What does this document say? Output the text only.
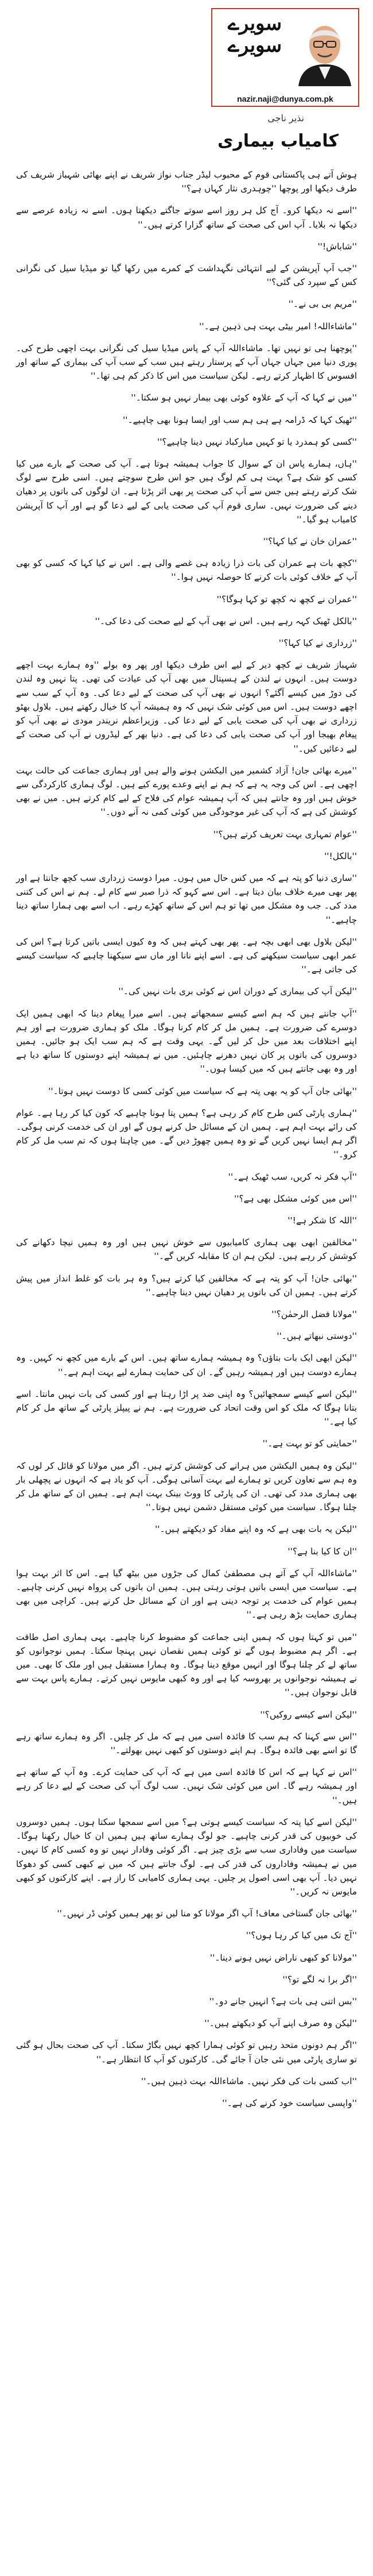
سویرے سویرے
nazir.naji@dunya.com.pk
نذیر ناجی
کامیاب بیماری

ہوش آتے ہی پاکستانی قوم کے محبوب لیڈر جناب نواز شریف نے اپنے بھائی شہباز شریف کی طرف دیکھا اور پوچھا ''چوہدری نثار کہاں ہے؟''

''اسے نہ دیکھا کرو۔ آج کل ہر روز اسے سوتے جاگتے دیکھتا ہوں۔ اسے نہ زیادہ عرصے سے دیکھا نہ بلایا۔ آپ اس کی صحت کے ساتھ گزارا کرتے ہیں۔''

''شاباش!''

''جب آپ آپریشن کے لیے انتہائی نگہداشت کے کمرے میں رکھا گیا تو میڈیا سیل کی نگرانی کس کے سپرد کی گئی؟''

''مریم بی بی نے۔''

''ماشاءاللہ! امیر بیٹی بہت ہی ذہین ہے۔''

''پوچھنا ہی تو نہیں تھا۔ ماشاءاللہ آپ کے پاس میڈیا سیل کی نگرانی بہت اچھی طرح کی۔ پوری دنیا میں جہاں جہاں آپ کے پرستار رہتے ہیں سب کے سب آپ کی بیماری کے ساتھ اور افسوس کا اظہار کرتے رہے۔ لیکن سیاست میں اس کا ذکر کم ہی تھا۔''

''میں نے کہا کہ آپ کے علاوہ کوئی بھی بیمار نہیں ہو سکتا۔''

''ٹھیک کہا کہ ڈرامہ ہے ہی ہم سب اور ایسا ہونا بھی چاہیے۔''

''کسی کو ہمدرد یا تو کہیں مبارکباد نہیں دینا چاہیے؟''

''ہاں، ہمارے پاس ان کے سوال کا جواب ہمیشہ ہوتا ہے۔ آپ کی صحت کے بارے میں کیا کسی کو شک ہے؟ بہت ہی کم لوگ ہیں جو اس طرح سوچتے ہیں۔ اسی طرح سے لوگ شک کرتے رہتے ہیں جس سے آپ کی صحت پر بھی اثر پڑتا ہے۔ ان لوگوں کی باتوں پر دھیان دینے کی ضرورت نہیں۔ ساری قوم آپ کی صحت یابی کے لیے دعا گو ہے اور آپ کا آپریشن کامیاب ہو گیا۔''

''عمران خان نے کیا کہا؟''

''کچھ بات ہے عمران کی بات ذرا زیادہ ہی غصے والی ہے۔ اس نے کیا کہا کہ کسی کو بھی آپ کے خلاف کوئی بات کرنے کا حوصلہ نہیں ہوا۔''

''عمران نے کچھ نہ کچھ تو کہا ہوگا؟''

''بالکل ٹھیک کہہ رہے ہیں۔ اس نے بھی آپ کے لیے صحت کی دعا کی۔''

''زرداری نے کیا کہا؟''

شہباز شریف نے کچھ دیر کے لیے اس طرف دیکھا اور پھر وہ بولے ''وہ ہمارے بہت اچھے دوست ہیں۔ انہوں نے لندن کے ہسپتال میں بھی آپ کی عیادت کی تھی۔ پتا نہیں وہ لندن کی دوڑ میں کیسے آگئے؟ انہوں نے بھی آپ کی صحت کے لیے دعا کی۔ وہ آپ کے سب سے اچھے دوست ہیں۔ اس میں کوئی شک نہیں کہ وہ ہمیشہ آپ کا خیال رکھتے ہیں۔ بلاول بھٹو زرداری نے بھی آپ کی صحت یابی کے لیے دعا کی۔ وزیراعظم نریندر مودی نے بھی آپ کو پیغام بھیجا اور آپ کی صحت یابی کی دعا کی ہے۔ دنیا بھر کے لیڈروں نے آپ کی صحت کے لیے دعائیں کیں۔''

''میرے بھائی جان! آزاد کشمیر میں الیکشن ہونے والے ہیں اور ہماری جماعت کی حالت بہت اچھی ہے۔ اس کی وجہ یہ ہے کہ ہم نے اپنے وعدے پورے کیے ہیں۔ لوگ ہماری کارکردگی سے خوش ہیں اور وہ جانتے ہیں کہ آپ ہمیشہ عوام کی فلاح کے لیے کام کرتے ہیں۔ میں نے بھی کوشش کی ہے کہ آپ کی غیر موجودگی میں کوئی کمی نہ آنے دوں۔''

''عوام تمہاری بہت تعریف کرتے ہیں؟''

''بالکل!''

''ساری دنیا کو پتہ ہے کہ میں کس حال میں ہوں۔ میرا دوست زرداری سب کچھ جانتا ہے اور پھر بھی میرے خلاف بیان دیتا ہے۔ اس سے کہو کہ ذرا صبر سے کام لے۔ ہم نے اس کی کتنی مدد کی۔ جب وہ مشکل میں تھا تو ہم اس کے ساتھ کھڑے رہے۔ اب اسے بھی ہمارا ساتھ دینا چاہیے۔''

''لیکن بلاول بھی ابھی بچہ ہے۔ پھر بھی کہتے ہیں کہ وہ کیوں ایسی باتیں کرتا ہے؟ اس کی عمر ابھی سیاست سیکھنے کی ہے۔ اسے اپنے نانا اور ماں سے سیکھنا چاہیے کہ سیاست کیسے کی جاتی ہے۔''

''لیکن آپ کی بیماری کے دوران اس نے کوئی بری بات نہیں کی۔''

''آپ جانتے ہیں کہ ہم اسے کیسے سمجھاتے ہیں۔ اسے میرا پیغام دینا کہ ابھی ہمیں ایک دوسرے کی ضرورت ہے۔ ہمیں مل کر کام کرنا ہوگا۔ ملک کو ہماری ضرورت ہے اور ہم اپنے اختلافات بعد میں حل کر لیں گے۔ یہی وقت ہے کہ ہم سب ایک ہو جائیں۔ ہمیں دوسروں کی باتوں پر کان نہیں دھرنے چاہئیں۔ میں نے ہمیشہ اپنے دوستوں کا ساتھ دیا ہے اور وہ بھی جانتے ہیں کہ میں کیسا ہوں۔''

''بھائی جان آپ کو یہ بھی پتہ ہے کہ سیاست میں کوئی کسی کا دوست نہیں ہوتا۔''

''ہماری پارٹی کس طرح کام کر رہی ہے؟ ہمیں پتا ہونا چاہیے کہ کون کیا کر رہا ہے۔ عوام کی رائے بہت اہم ہے۔ ہمیں ان کے مسائل حل کرنے ہوں گے اور ان کی خدمت کرنی ہوگی۔ اگر ہم ایسا نہیں کریں گے تو وہ ہمیں چھوڑ دیں گے۔ میں چاہتا ہوں کہ تم سب مل کر کام کرو۔''

''آپ فکر نہ کریں، سب ٹھیک ہے۔''

''اس میں کوئی مشکل بھی ہے؟''

''اللہ کا شکر ہے!''

''مخالفین ابھی بھی ہماری کامیابیوں سے خوش نہیں ہیں اور وہ ہمیں نیچا دکھانے کی کوشش کر رہے ہیں۔ لیکن ہم ان کا مقابلہ کریں گے۔''

''بھائی جان! آپ کو پتہ ہے کہ مخالفین کیا کرتے ہیں؟ وہ ہر بات کو غلط انداز میں پیش کرتے ہیں۔ ہمیں ان کی باتوں پر دھیان نہیں دینا چاہیے۔''

''مولانا فضل الرحمٰن؟''

''دوستی نبھاتے ہیں۔''

''لیکن ابھی ایک بات بتاؤں؟ وہ ہمیشہ ہمارے ساتھ ہیں۔ اس کے بارے میں کچھ نہ کہیں۔ وہ ہمارے دوست ہیں اور ہمیشہ رہیں گے۔ ان کی حمایت ہمارے لیے بہت اہم ہے۔''

''لیکن اسے کیسے سمجھائیں؟ وہ اپنی ضد پر اڑا رہتا ہے اور کسی کی بات نہیں مانتا۔ اسے بتانا ہوگا کہ ملک کو اس وقت اتحاد کی ضرورت ہے۔ ہم نے پیپلز پارٹی کے ساتھ مل کر کام کیا ہے۔''

''حمایتی کو تو بہت ہے۔''

''لیکن وہ ہمیں الیکشن میں ہرانے کی کوشش کرتے ہیں۔ اگر میں مولانا کو قائل کر لوں کہ وہ ہم سے تعاون کریں تو ہمارے لیے بہت آسانی ہوگی۔ آپ کو یاد ہے کہ انہوں نے پچھلی بار بھی ہماری مدد کی تھی۔ ان کی پارٹی کا ووٹ بینک بہت اہم ہے۔ ہمیں ان کے ساتھ مل کر چلنا ہوگا۔ سیاست میں کوئی مستقل دشمن نہیں ہوتا۔''

''لیکن یہ بات بھی ہے کہ وہ اپنے مفاد کو دیکھتے ہیں۔''

''ان کا کیا بنا ہے؟''

''ماشاءاللہ آپ کے آتے ہی مصطفیٰ کمال کی جڑوں میں بیٹھ گیا ہے۔ اس کا اثر بہت ہوا ہے۔ سیاست میں ایسی باتیں ہوتی رہتی ہیں۔ ہمیں ان باتوں کی پرواہ نہیں کرنی چاہیے۔ ہمیں عوام کی خدمت پر توجہ دینی ہے اور ان کے مسائل حل کرنے ہیں۔ کراچی میں بھی ہماری حمایت بڑھ رہی ہے۔''

''میں تو کہتا ہوں کہ ہمیں اپنی جماعت کو مضبوط کرنا چاہیے۔ یہی ہماری اصل طاقت ہے۔ اگر ہم مضبوط ہوں گے تو کوئی ہمیں نقصان نہیں پہنچا سکتا۔ ہمیں نوجوانوں کو ساتھ لے کر چلنا ہوگا اور انہیں موقع دینا ہوگا۔ وہ ہمارا مستقبل ہیں اور ملک کا بھی۔ میں نے ہمیشہ نوجوانوں پر بھروسہ کیا ہے اور وہ کبھی مایوس نہیں کرتے۔ ہمارے پاس بہت سے قابل نوجوان ہیں۔''

''لیکن اسے کیسے روکیں؟''

''اس سے کہنا کہ ہم سب کا فائدہ اسی میں ہے کہ مل کر چلیں۔ اگر وہ ہمارے ساتھ رہے گا تو اسے بھی فائدہ ہوگا۔ ہم اپنے دوستوں کو کبھی نہیں بھولتے۔''

''اس نے کہا ہے کہ اس کا فائدہ اسی میں ہے کہ آپ کی حمایت کرے۔ وہ آپ کے ساتھ ہے اور ہمیشہ رہے گا۔ اس میں کوئی شک نہیں۔ سب لوگ آپ کی صحت کے لیے دعا کر رہے ہیں۔''

''لیکن اسے کیا پتہ کہ سیاست کیسے ہوتی ہے؟ میں اسے سمجھا سکتا ہوں۔ ہمیں دوسروں کی خوبیوں کی قدر کرنی چاہیے۔ جو لوگ ہمارے ساتھ ہیں ہمیں ان کا خیال رکھنا ہوگا۔ سیاست میں وفاداری سب سے بڑی چیز ہے۔ اگر کوئی وفادار نہیں تو وہ کسی کام کا نہیں۔ میں نے ہمیشہ وفاداروں کی قدر کی ہے۔ لوگ جانتے ہیں کہ میں نے کبھی کسی کو دھوکا نہیں دیا۔ آپ بھی اسی اصول پر چلیں۔ یہی ہماری کامیابی کا راز ہے۔ اپنے کارکنوں کو کبھی مایوس نہ کریں۔''

''بھائی جان گستاخی معاف! آپ اگر مولانا کو منا لیں تو پھر ہمیں کوئی ڈر نہیں۔''

''آج تک میں کیا کر رہا ہوں؟''

''مولانا کو کبھی ناراض نہیں ہونے دینا۔''

''اگر برا نہ لگے تو؟''

''بس اتنی ہی بات ہے؟ انہیں جانے دو۔''

''لیکن وہ صرف اپنے آپ کو دیکھتے ہیں۔''

''اگر ہم دونوں متحد رہیں تو کوئی ہمارا کچھ نہیں بگاڑ سکتا۔ آپ کی صحت بحال ہو گئی تو ساری پارٹی میں نئی جان آ جائے گی۔ کارکنوں کو آپ کا انتظار ہے۔''

''اب کسی بات کی فکر نہیں۔ ماشاءاللہ بہت ذہین ہیں۔''

''واپسی سیاست خود کرنے کی ہے۔''
